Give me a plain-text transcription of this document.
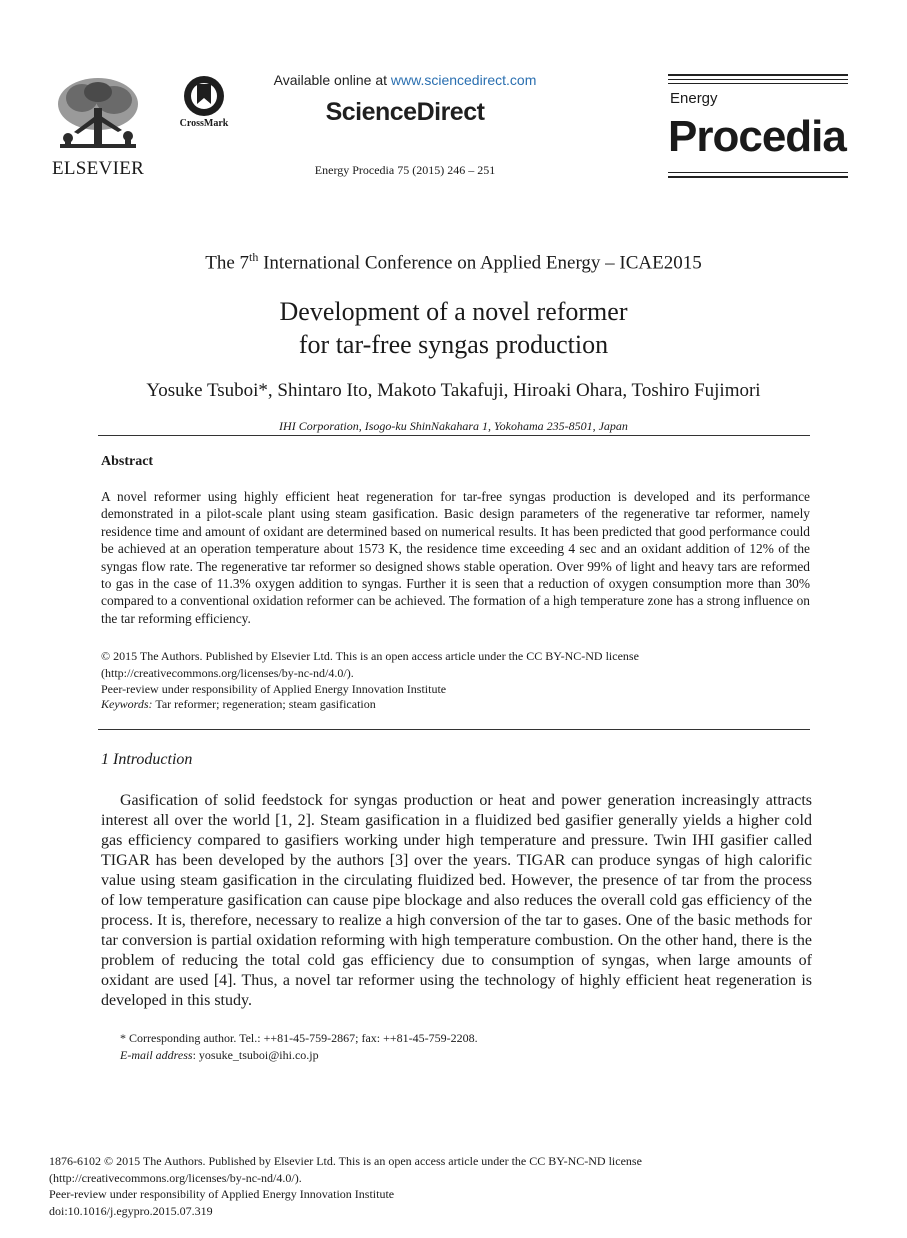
ELSEVIER
CrossMark
Available online at www.sciencedirect.com
ScienceDirect
Energy Procedia 75 (2015) 246 – 251
Energy
Procedia
The 7th International Conference on Applied Energy – ICAE2015
Development of a novel reformer
for tar-free syngas production
Yosuke Tsuboi*, Shintaro Ito, Makoto Takafuji, Hiroaki Ohara, Toshiro Fujimori
IHI Corporation, Isogo-ku ShinNakahara 1, Yokohama 235-8501, Japan
Abstract
A novel reformer using highly efficient heat regeneration for tar-free syngas production is developed and its performance demonstrated in a pilot-scale plant using steam gasification. Basic design parameters of the regenerative tar reformer, namely residence time and amount of oxidant are determined based on numerical results. It has been predicted that good performance could be achieved at an operation temperature about 1573 K, the residence time exceeding 4 sec and an oxidant addition of 12% of the syngas flow rate. The regenerative tar reformer so designed shows stable operation. Over 99% of light and heavy tars are reformed to gas in the case of 11.3% oxygen addition to syngas. Further it is seen that a reduction of oxygen consumption more than 30% compared to a conventional oxidation reformer can be achieved. The formation of a high temperature zone has a strong influence on the tar reforming efficiency.
© 2015 The Authors. Published by Elsevier Ltd. This is an open access article under the CC BY-NC-ND license
(http://creativecommons.org/licenses/by-nc-nd/4.0/).
Peer-review under responsibility of Applied Energy Innovation Institute
Keywords: Tar reformer; regeneration; steam gasification
1 Introduction
Gasification of solid feedstock for syngas production or heat and power generation increasingly attracts interest all over the world [1, 2]. Steam gasification in a fluidized bed gasifier generally yields a higher cold gas efficiency compared to gasifiers working under high temperature and pressure. Twin IHI gasifier called TIGAR has been developed by the authors [3] over the years. TIGAR can produce syngas of high calorific value using steam gasification in the circulating fluidized bed. However, the presence of tar from the process of low temperature gasification can cause pipe blockage and also reduces the overall cold gas efficiency of the process. It is, therefore, necessary to realize a high conversion of the tar to gases. One of the basic methods for tar conversion is partial oxidation reforming with high temperature combustion. On the other hand, there is the problem of reducing the total cold gas efficiency due to consumption of syngas, when large amounts of oxidant are used [4]. Thus, a novel tar reformer using the technology of highly efficient heat regeneration is developed in this study.
* Corresponding author. Tel.: ++81-45-759-2867; fax: ++81-45-759-2208.
E-mail address: yosuke_tsuboi@ihi.co.jp
1876-6102 © 2015 The Authors. Published by Elsevier Ltd. This is an open access article under the CC BY-NC-ND license
(http://creativecommons.org/licenses/by-nc-nd/4.0/).
Peer-review under responsibility of Applied Energy Innovation Institute
doi:10.1016/j.egypro.2015.07.319
